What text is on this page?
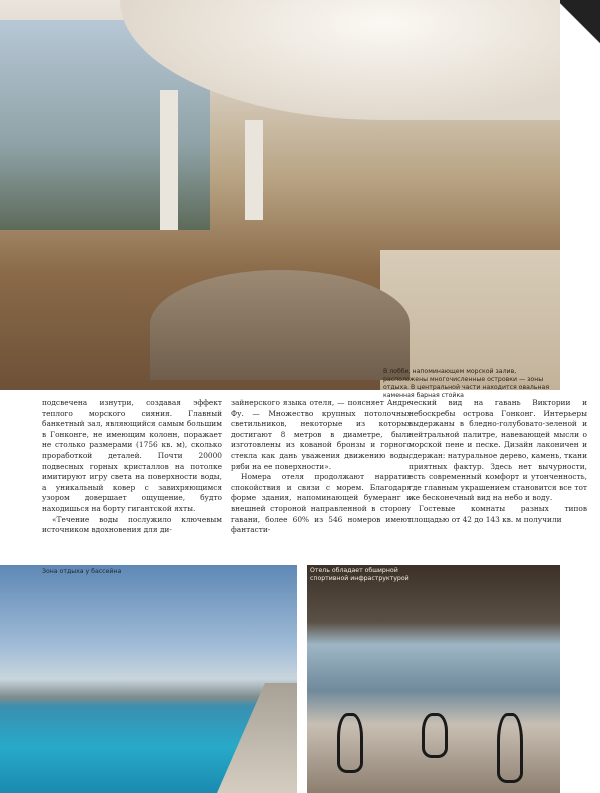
В лобби, напоминающем морской залив, расположены многочисленные островки — зоны отдыха. В центральной части находится овальная каменная барная стойка

подсвечена изнутри, создавая эффект теплого морского сияния. Главный банкетный зал, являющийся самым большим в Гонконге, не имеющим колонн, поражает не столько размерами (1756 кв. м), сколько проработкой деталей. Почти 20000 подвесных горных кристаллов на потолке имитируют игру света на поверхности воды, а уникальный ковер с завихряющимся узором довершает ощущение, будто находишься на борту гигантской яхты.

«Течение воды послужило ключевым источником вдохновения для ди-

зайнерского языка отеля, — поясняет Андре Фу. — Множество крупных потолочных светильников, некоторые из которых достигают 8 метров в диаметре, были изготовлены из кованой бронзы и горного стекла как дань уважения движению воды, ряби на ее поверхности».

Номера отеля продолжают нарратив спокойствия и связи с морем. Благодаря форме здания, напоминающей бумеранг и внешней стороной направленной в сторону гавани, более 60% из 546 номеров имеют фантасти-

ческий вид на гавань Виктории и небоскребы острова Гонконг. Интерьеры выдержаны в бледно-голубовато-зеленой и нейтральной палитре, навевающей мысли о морской пене и песке. Дизайн лаконичен и сдержан: натуральное дерево, камень, ткани приятных фактур. Здесь нет вычурности, есть современный комфорт и утонченность, где главным украшением становится все тот же бесконечный вид на небо и воду.

Гостевые комнаты разных типов площадью от 42 до 143 кв. м получили

Зона отдыха у бассейна	Отель обладает обширной спортивной инфраструктурой
